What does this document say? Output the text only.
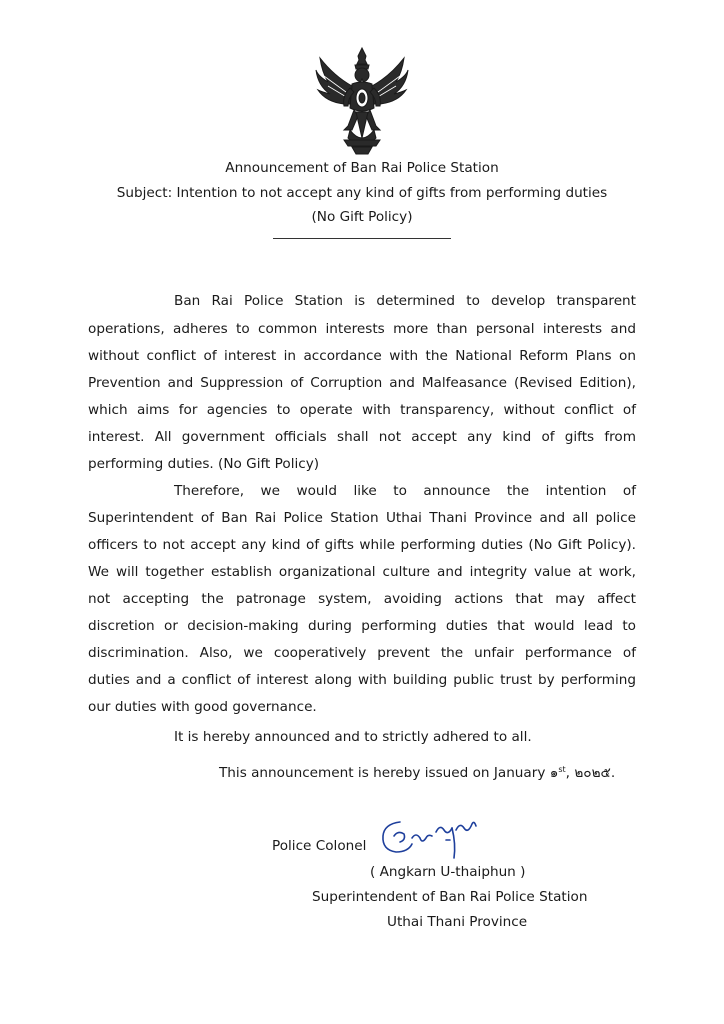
Announcement of Ban Rai Police Station
Subject: Intention to not accept any kind of gifts from performing duties
(No Gift Policy)
Ban Rai Police Station is determined to develop transparent
operations, adheres to common interests more than personal interests and
without conflict of interest in accordance with the National Reform Plans on
Prevention and Suppression of Corruption and Malfeasance (Revised Edition),
which aims for agencies to operate with transparency, without conflict of
interest. All government officials shall not accept any kind of gifts from
performing duties. (No Gift Policy)
Therefore, we would like to announce the intention of
Superintendent of Ban Rai Police Station Uthai Thani Province and all police
officers to not accept any kind of gifts while performing duties (No Gift Policy).
We will together establish organizational culture and integrity value at work,
not accepting the patronage system, avoiding actions that may affect
discretion or decision-making during performing duties that would lead to
discrimination. Also, we cooperatively prevent the unfair performance of
duties and a conflict of interest along with building public trust by performing
our duties with good governance.
It is hereby announced and to strictly adhered to all.
This announcement is hereby issued on January ๑$^{st}$, ๒๐๒๕.
Police Colonel
( Angkarn U-thaiphun )
Superintendent of Ban Rai Police Station
Uthai Thani Province
